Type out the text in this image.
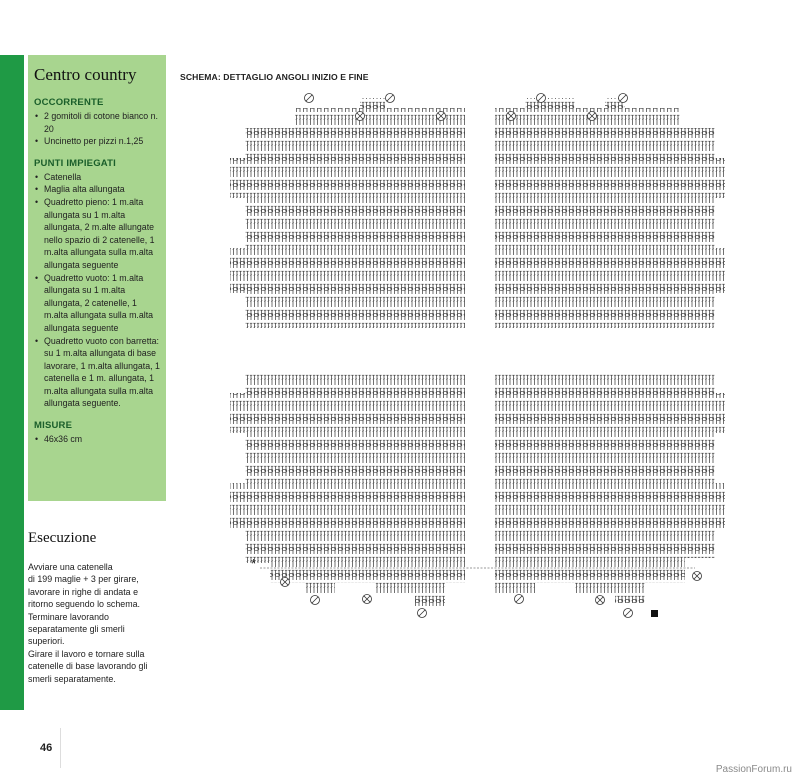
Centro country
OCCORRENTE
• 2 gomitoli di cotone bianco n. 20
• Uncinetto per pizzi n.1,25
PUNTI IMPIEGATI
• Catenella
• Maglia alta allungata
• Quadretto pieno: 1 m.alta allungata su 1 m.alta allungata, 2 m.alte allungate nello spazio di 2 catenelle, 1 m.alta allungata sulla m.alta allungata seguente
• Quadretto vuoto: 1 m.alta allungata su 1 m.alta allungata, 2 catenelle, 1 m.alta allungata sulla m.alta allungata seguente
• Quadretto vuoto con barretta: su 1 m.alta allungata di base lavorare, 1 m.alta allungata, 1 catenella e 1 m. allungata, 1 m.alta allungata sulla m.alta allungata seguente.
MISURE
• 46x36 cm
Esecuzione

Avviare una catenella
di 199 maglie + 3 per girare,
lavorare in righe di andata e
ritorno seguendo lo schema.
Terminare lavorando
separatamente gli smerli
superiori.
Girare il lavoro e tornare sulla
catenelle di base lavorando gli
smerli separatamente.

SCHEMA: DETTAGLIO ANGOLI INIZIO E FINE
*
46
PassionForum.ru
